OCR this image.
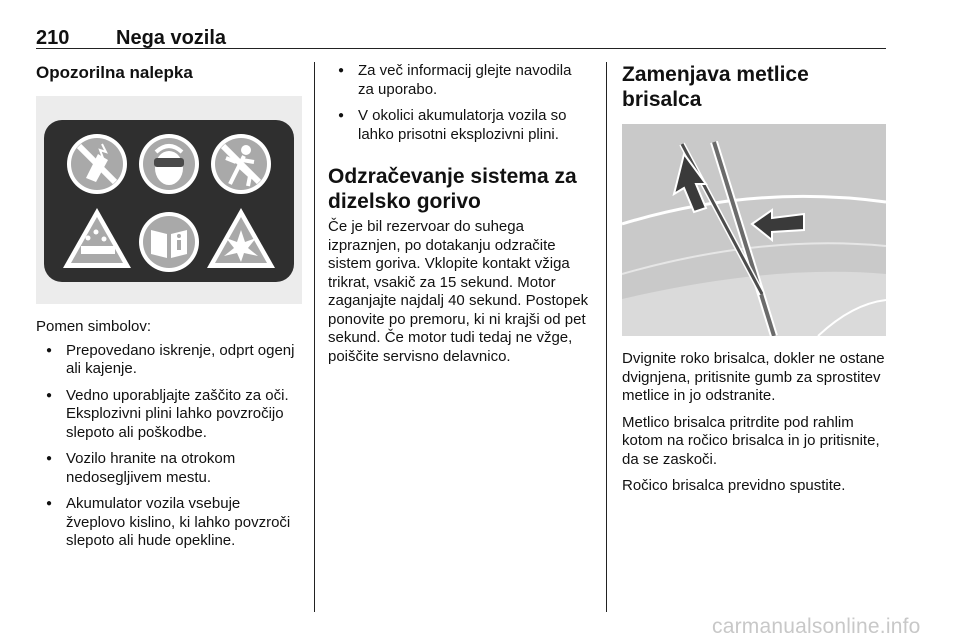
210 Nega vozila

Opozorilna nalepka

Pomen simbolov:

● Prepovedano iskrenje, odprt ogenj ali kajenje.
● Vedno uporabljajte zaščito za oči. Eksplozivni plini lahko povzročijo slepoto ali poškodbe.
● Vozilo hranite na otrokom nedosegljivem mestu.
● Akumulator vozila vsebuje žveplovo kislino, ki lahko povzroči slepoto ali hude opekline.
● Za več informacij glejte navodila za uporabo.
● V okolici akumulatorja vozila so lahko prisotni eksplozivni plini.

Odzračevanje sistema za dizelsko gorivo

Če je bil rezervoar do suhega izpraznjen, po dotakanju odzračite sistem goriva. Vklopite kontakt vžiga trikrat, vsakič za 15 sekund. Motor zaganjajte najdalj 40 sekund. Postopek ponovite po premoru, ki ni krajši od pet sekund. Če motor tudi tedaj ne vžge, poiščite servisno delavnico.

Zamenjava metlice brisalca

Dvignite roko brisalca, dokler ne ostane dvignjena, pritisnite gumb za sprostitev metlice in jo odstranite.

Metlico brisalca pritrdite pod rahlim kotom na ročico brisalca in jo pritisnite, da se zaskoči.

Ročico brisalca previdno spustite.

carmanualsonline.info
